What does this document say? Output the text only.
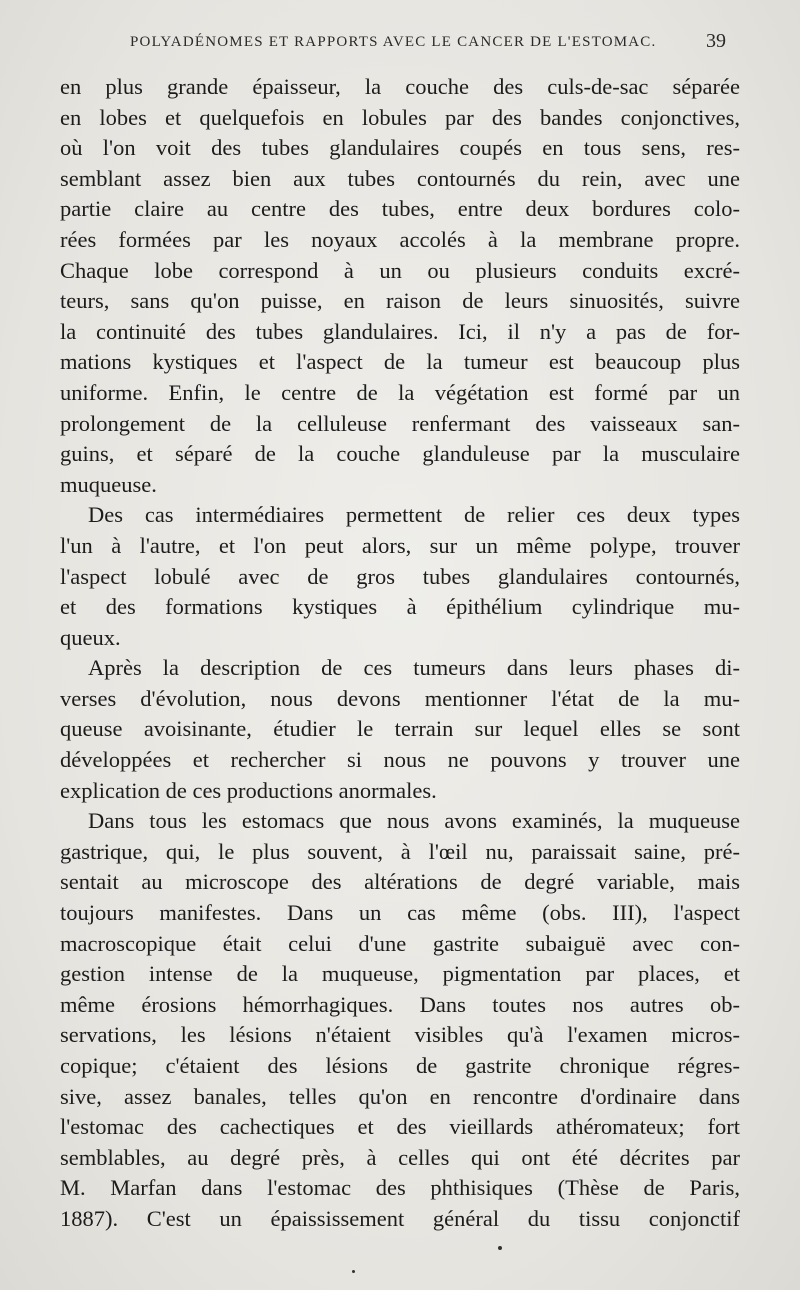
POLYADÉNOMES ET RAPPORTS AVEC LE CANCER DE L'ESTOMAC. 39
en plus grande épaisseur, la couche des culs-de-sac séparée
en lobes et quelquefois en lobules par des bandes conjonctives,
où l'on voit des tubes glandulaires coupés en tous sens, res-
semblant assez bien aux tubes contournés du rein, avec une
partie claire au centre des tubes, entre deux bordures colo-
rées formées par les noyaux accolés à la membrane propre.
Chaque lobe correspond à un ou plusieurs conduits excré-
teurs, sans qu'on puisse, en raison de leurs sinuosités, suivre
la continuité des tubes glandulaires. Ici, il n'y a pas de for-
mations kystiques et l'aspect de la tumeur est beaucoup plus
uniforme. Enfin, le centre de la végétation est formé par un
prolongement de la celluleuse renfermant des vaisseaux san-
guins, et séparé de la couche glanduleuse par la musculaire
muqueuse.
Des cas intermédiaires permettent de relier ces deux types
l'un à l'autre, et l'on peut alors, sur un même polype, trouver
l'aspect lobulé avec de gros tubes glandulaires contournés,
et des formations kystiques à épithélium cylindrique mu-
queux.
Après la description de ces tumeurs dans leurs phases di-
verses d'évolution, nous devons mentionner l'état de la mu-
queuse avoisinante, étudier le terrain sur lequel elles se sont
développées et rechercher si nous ne pouvons y trouver une
explication de ces productions anormales.
Dans tous les estomacs que nous avons examinés, la muqueuse
gastrique, qui, le plus souvent, à l'œil nu, paraissait saine, pré-
sentait au microscope des altérations de degré variable, mais
toujours manifestes. Dans un cas même (obs. III), l'aspect
macroscopique était celui d'une gastrite subaiguë avec con-
gestion intense de la muqueuse, pigmentation par places, et
même érosions hémorrhagiques. Dans toutes nos autres ob-
servations, les lésions n'étaient visibles qu'à l'examen micros-
copique; c'étaient des lésions de gastrite chronique régres-
sive, assez banales, telles qu'on en rencontre d'ordinaire dans
l'estomac des cachectiques et des vieillards athéromateux; fort
semblables, au degré près, à celles qui ont été décrites par
M. Marfan dans l'estomac des phthisiques (Thèse de Paris,
1887). C'est un épaississement général du tissu conjonctif
